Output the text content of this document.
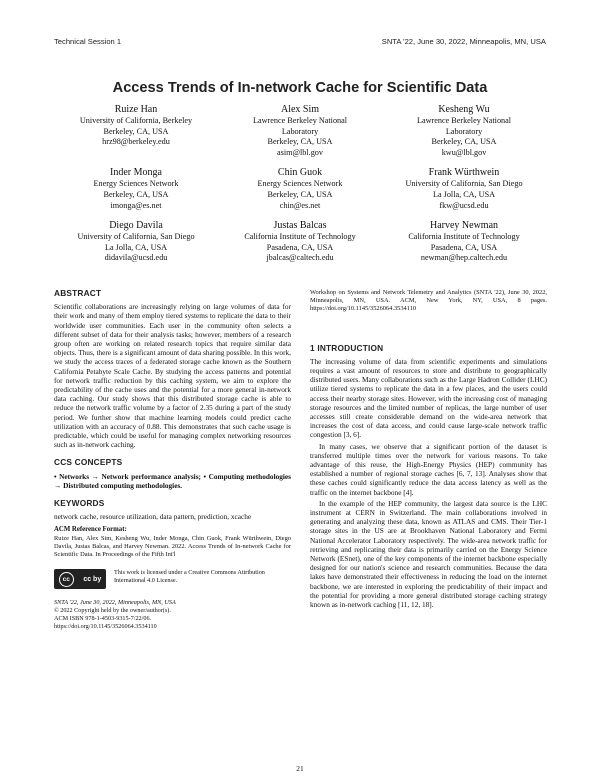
Technical Session 1	SNTA '22, June 30, 2022, Minneapolis, MN, USA
Access Trends of In-network Cache for Scientific Data
Ruize Han
University of California, Berkeley
Berkeley, CA, USA
hrz98@berkeley.edu
Alex Sim
Lawrence Berkeley National
Laboratory
Berkeley, CA, USA
asim@lbl.gov
Kesheng Wu
Lawrence Berkeley National
Laboratory
Berkeley, CA, USA
kwu@lbl.gov
Inder Monga
Energy Sciences Network
Berkeley, CA, USA
imonga@es.net
Chin Guok
Energy Sciences Network
Berkeley, CA, USA
chin@es.net
Frank Würthwein
University of California, San Diego
La Jolla, CA, USA
fkw@ucsd.edu
Diego Davila
University of California, San Diego
La Jolla, CA, USA
didavila@ucsd.edu
Justas Balcas
California Institute of Technology
Pasadena, CA, USA
jbalcas@caltech.edu
Harvey Newman
California Institute of Technology
Pasadena, CA, USA
newman@hep.caltech.edu
ABSTRACT

Scientific collaborations are increasingly relying on large volumes of data for their work and many of them employ tiered systems to replicate the data to their worldwide user communities. Each user in the community often selects a different subset of data for their analysis tasks; however, members of a research group often are working on related research topics that require similar data objects. Thus, there is a significant amount of data sharing possible. In this work, we study the access traces of a federated storage cache known as the Southern California Petabyte Scale Cache. By studying the access patterns and potential for network traffic reduction by this caching system, we aim to explore the predictability of the cache uses and the potential for a more general in-network data caching. Our study shows that this distributed storage cache is able to reduce the network traffic volume by a factor of 2.35 during a part of the study period. We further show that machine learning models could predict cache utilization with an accuracy of 0.88. This demonstrates that such cache usage is predictable, which could be useful for managing complex networking resources such as in-network caching.

CCS CONCEPTS

• Networks → Network performance analysis; • Computing methodologies → Distributed computing methodologies.

KEYWORDS

network cache, resource utilization, data pattern, prediction, xcache

ACM Reference Format:

Ruize Han, Alex Sim, Kesheng Wu, Inder Monga, Chin Guok, Frank Würthwein, Diego Davila, Justas Balcas, and Harvey Newman. 2022. Access Trends of In-network Cache for Scientific Data. In Proceedings of the Fifth Int'l

cc	cc by
This work is licensed under a Creative Commons Attribution International 4.0 License.
SNTA '22, June 30, 2022, Minneapolis, MN, USA
© 2022 Copyright held by the owner/author(s).
ACM ISBN 978-1-4503-9315-7/22/06.
https://doi.org/10.1145/3526064.3534110

Workshop on Systems and Network Telemetry and Analytics (SNTA '22), June 30, 2022, Minneapolis, MN, USA. ACM, New York, NY, USA, 8 pages. https://doi.org/10.1145/3526064.3534110

1 INTRODUCTION

The increasing volume of data from scientific experiments and simulations requires a vast amount of resources to store and distribute to geographically distributed users. Many collaborations such as the Large Hadron Collider (LHC) utilize tiered systems to replicate the data in a few places, and the users could access their nearby storage sites. However, with the increasing cost of managing storage resources and the limited number of replicas, the large number of user accesses still create considerable demand on the wide-area network that increases the cost of data access, and could cause large-scale network traffic congestion [3, 6].

In many cases, we observe that a significant portion of the dataset is transferred multiple times over the network for various reasons. To take advantage of this reuse, the High-Energy Physics (HEP) community has established a number of regional storage caches [6, 7, 13]. Analyses show that these caches could significantly reduce the data access latency as well as the traffic on the internet backbone [4].

In the example of the HEP community, the largest data source is the LHC instrument at CERN in Switzerland. The main collaborations involved in generating and analyzing these data, known as ATLAS and CMS. Their Tier-1 storage sites in the US are at Brookhaven National Laboratory and Fermi National Accelerator Laboratory respectively. The wide-area network traffic for retrieving and replicating their data is primarily carried on the Energy Science Network (ESnet), one of the key components of the internet backbone especially designed for our nation's science and research communities. Because the data lakes have demonstrated their effectiveness in reducing the load on the internet backbone, we are interested in exploring the predictability of their impact and the potential for providing a more general distributed storage caching strategy known as in-network caching [11, 12, 18].

21
